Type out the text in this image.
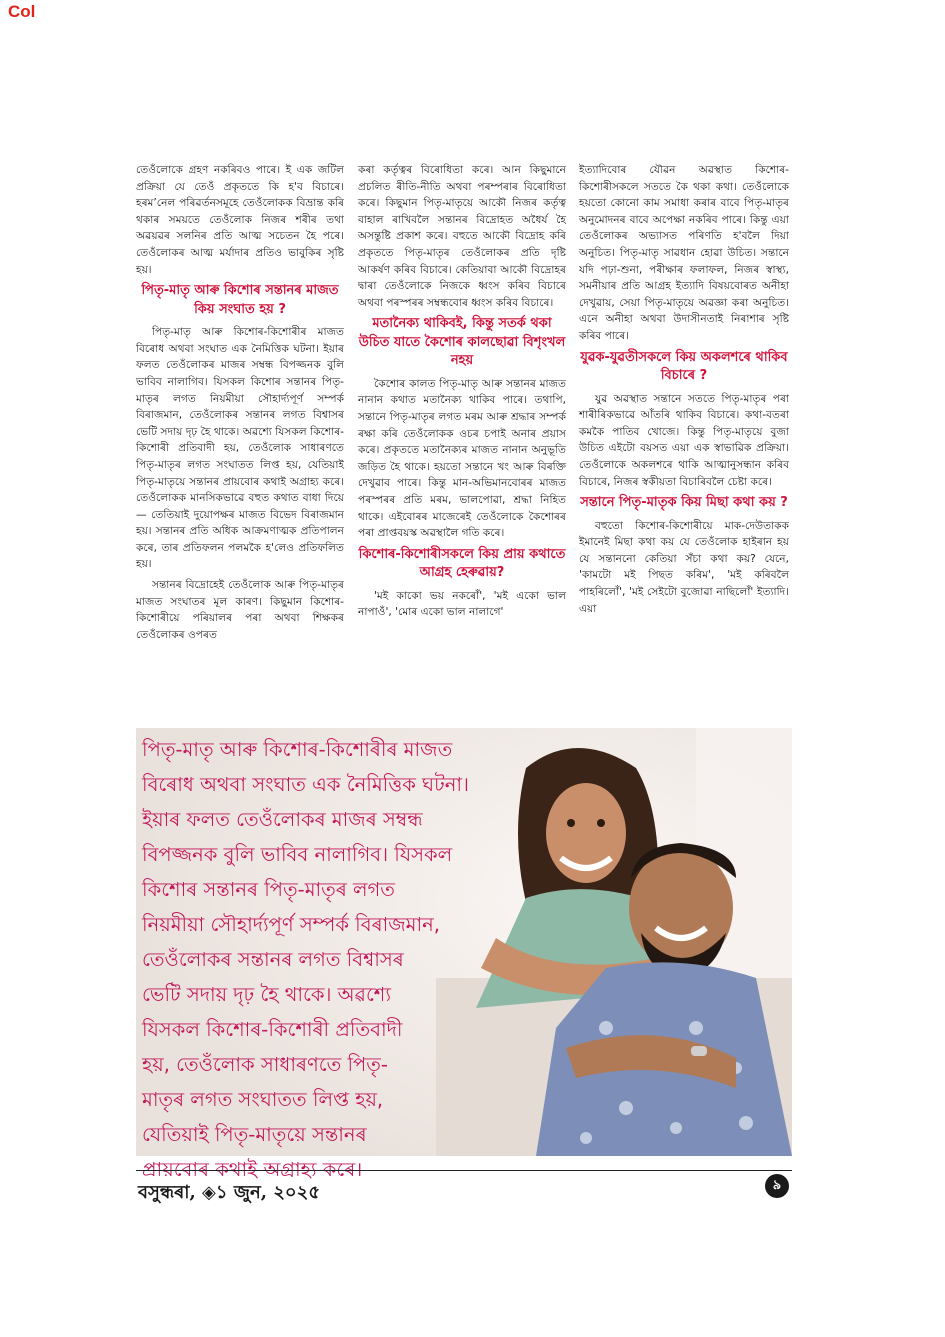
Col

তেওঁলোকে গ্ৰহণ নকৰিবও পাৰে। ই এক জটিল প্ৰক্ৰিয়া যে তেওঁ প্ৰকৃততে কি হ'ব বিচাৰে। হৰমʼনেল পৰিৱৰ্তনসমূহে তেওঁলোকক বিভ্ৰান্ত কৰি থকাৰ সময়তে তেওঁলোক নিজৰ শৰীৰ তথা অৱয়ৱৰ সলনিৰ প্ৰতি আত্ম সচেতন হৈ পৰে। তেওঁলোকৰ আত্ম মৰ্যাদাৰ প্ৰতিও ভাবুকিৰ সৃষ্টি হয়।

পিতৃ-মাতৃ আৰু কিশোৰ সন্তানৰ মাজত কিয় সংঘাত হয় ?

পিতৃ-মাতৃ আৰু কিশোৰ-কিশোৰীৰ মাজত বিৰোধ অথবা সংঘাত এক নৈমিত্তিক ঘটনা। ইয়াৰ ফলত তেওঁলোকৰ মাজৰ সম্বন্ধ বিপজ্জনক বুলি ভাবিব নালাগিব। যিসকল কিশোৰ সন্তানৰ পিতৃ-মাতৃৰ লগত নিয়মীয়া সৌহাৰ্দ্যপূৰ্ণ সম্পৰ্ক বিৰাজমান, তেওঁলোকৰ সন্তানৰ লগত বিশ্বাসৰ ভেটি সদায় দৃঢ় হৈ থাকে। অৱশ্যে যিসকল কিশোৰ-কিশোৰী প্ৰতিবাদী হয়, তেওঁলোক সাধাৰণতে পিতৃ-মাতৃৰ লগত সংঘাতত লিপ্ত হয়, যেতিয়াই পিতৃ-মাতৃয়ে সন্তানৰ প্ৰায়বোৰ কথাই অগ্ৰাহ্য কৰে। তেওঁলোকক মানসিকভাৱে বহুত কথাত বাধা দিয়ে— তেতিয়াই দুয়োপক্ষৰ মাজত বিভেদ বিৰাজমান হয়। সন্তানৰ প্ৰতি অধিক আক্ৰমণাত্মক প্ৰতিপালন কৰে, তাৰ প্ৰতিফলন পলমকৈ হ'লেও প্ৰতিফলিত হয়।

সন্তানৰ বিদ্ৰোহেই তেওঁলোক আৰু পিতৃ-মাতৃৰ মাজত সংঘাতৰ মূল কাৰণ। কিছুমান কিশোৰ-কিশোৰীয়ে পৰিয়ালৰ পৰা অথবা শিক্ষকৰ তেওঁলোকৰ ওপৰত

কৰা কৰ্তৃত্বৰ বিৰোধিতা কৰে। আন কিছুমানে প্ৰচলিত ৰীতি-নীতি অথবা পৰম্পৰাৰ বিৰোধিতা কৰে। কিছুমান পিতৃ-মাতৃয়ে আকৌ নিজৰ কৰ্তৃত্ব বাহাল ৰাখিবলৈ সন্তানৰ বিদ্ৰোহত অধৈৰ্য হৈ অসন্তুষ্টি প্ৰকাশ কৰে। বহুতে আকৌ বিদ্ৰোহ কৰি প্ৰকৃততে পিতৃ-মাতৃৰ তেওঁলোকৰ প্ৰতি দৃষ্টি আকৰ্ষণ কৰিব বিচাৰে। কেতিয়াবা আকৌ বিদ্ৰোহৰ দ্বাৰা তেওঁলোকে নিজকে ধ্বংস কৰিব বিচাৰে অথবা পৰস্পৰৰ সম্বন্ধবোৰ ধ্বংস কৰিব বিচাৰে।

মতানৈক্য থাকিবই, কিন্তু সতৰ্ক থকা উচিত যাতে কৈশোৰ কালছোৱা বিশৃংখল নহয়

কৈশোৰ কালত পিতৃ-মাতৃ আৰু সন্তানৰ মাজত নানান কথাত মতানৈক্য থাকিব পাৰে। তথাপি, সন্তানে পিতৃ-মাতৃৰ লগত মৰম আৰু শ্ৰদ্ধাৰ সম্পৰ্ক ৰক্ষা কৰি তেওঁলোকক ওচৰ চপাই অনাৰ প্ৰয়াস কৰে। প্ৰকৃততে মতানৈক্যৰ মাজত নানান অনুভূতি জড়িত হৈ থাকে। হয়তো সন্তানে খং আৰু বিৰক্তি দেখুৱাব পাৰে। কিন্তু মান-অভিমানবোৰৰ মাজত পৰস্পৰৰ প্ৰতি মৰম, ভালপোৱা, শ্ৰদ্ধা নিহিত থাকে। এইবোৰৰ মাজেৰেই তেওঁলোকে কৈশোৰৰ পৰা প্ৰাপ্তবয়স্ক অৱস্থালৈ গতি কৰে।

কিশোৰ-কিশোৰীসকলে কিয় প্ৰায় কথাতে আগ্ৰহ হেৰুৱায়?

'মই কাকো ভয় নকৰোঁ', 'মই একো ভাল নাপাওঁ', 'মোৰ একো ভাল নালাগে'

ইত্যাদিবোৰ যৌৱন অৱস্থাত কিশোৰ-কিশোৰীসকলে সততে কৈ থকা কথা। তেওঁলোকে হয়তো কোনো কাম সমাধা কৰাৰ বাবে পিতৃ-মাতৃৰ অনুমোদনৰ বাবে অপেক্ষা নকৰিব পাৰে। কিন্তু এয়া তেওঁলোকৰ অভ্যাসত পৰিণতি হ'বলৈ দিয়া অনুচিত। পিতৃ-মাতৃ সাৱধান হোৱা উচিত। সন্তানে যদি পঢ়া-শুনা, পৰীক্ষাৰ ফলাফল, নিজৰ স্বাস্থ্য, সমনীয়াৰ প্ৰতি আগ্ৰহ ইত্যাদি বিষয়বোৰত অনীহা দেখুৱায়, সেয়া পিতৃ-মাতৃয়ে অৱজ্ঞা কৰা অনুচিত। এনে অনীহা অথবা উদাসীনতাই নিৰাশাৰ সৃষ্টি কৰিব পাৰে।

যুৱক-যুৱতীসকলে কিয় অকলশৰে থাকিব বিচাৰে ?

যুৱ অৱস্থাত সন্তানে সততে পিতৃ-মাতৃৰ পৰা শাৰীৰিকভাৱে আঁতৰি থাকিব বিচাৰে। কথা-বতৰা কমকৈ পাতিব খোজে। কিন্তু পিতৃ-মাতৃয়ে বুজা উচিত এইটো বয়সত এয়া এক স্বাভাৱিক প্ৰক্ৰিয়া। তেওঁলোকে অকলশৰে থাকি আত্মানুসন্ধান কৰিব বিচাৰে, নিজৰ স্বকীয়তা বিচাৰিবলৈ চেষ্টা কৰে।

সন্তানে পিতৃ-মাতৃক কিয় মিছা কথা কয় ?

বহুতো কিশোৰ-কিশোৰীয়ে মাক-দেউতাকক ইমানেই মিছা কথা কয় যে তেওঁলোক হাইৰান হয় যে সন্তাননো কেতিয়া সঁচা কথা কয়? যেনে, 'কামটো মই পিছত কৰিম', 'মই কৰিবলৈ পাহৰিলোঁ', 'মই সেইটো বুজোৱা নাছিলোঁ' ইত্যাদি। এয়া

পিতৃ-মাতৃ আৰু কিশোৰ-কিশোৰীৰ মাজত
বিৰোধ অথবা সংঘাত এক নৈমিত্তিক ঘটনা।
ইয়াৰ ফলত তেওঁলোকৰ মাজৰ সম্বন্ধ
বিপজ্জনক বুলি ভাবিব নালাগিব। যিসকল
কিশোৰ সন্তানৰ পিতৃ-মাতৃৰ লগত
নিয়মীয়া সৌহাৰ্দ্যপূৰ্ণ সম্পৰ্ক বিৰাজমান,
তেওঁলোকৰ সন্তানৰ লগত বিশ্বাসৰ
ভেটি সদায় দৃঢ় হৈ থাকে। অৱশ্যে
যিসকল কিশোৰ-কিশোৰী প্ৰতিবাদী
হয়, তেওঁলোক সাধাৰণতে পিতৃ-
মাতৃৰ লগত সংঘাতত লিপ্ত হয়,
যেতিয়াই পিতৃ-মাতৃয়ে সন্তানৰ
প্ৰায়বোৰ কথাই অগ্ৰাহ্য কৰে।
বসুন্ধৰা, ◈১ জুন, ২০২৫	৯
